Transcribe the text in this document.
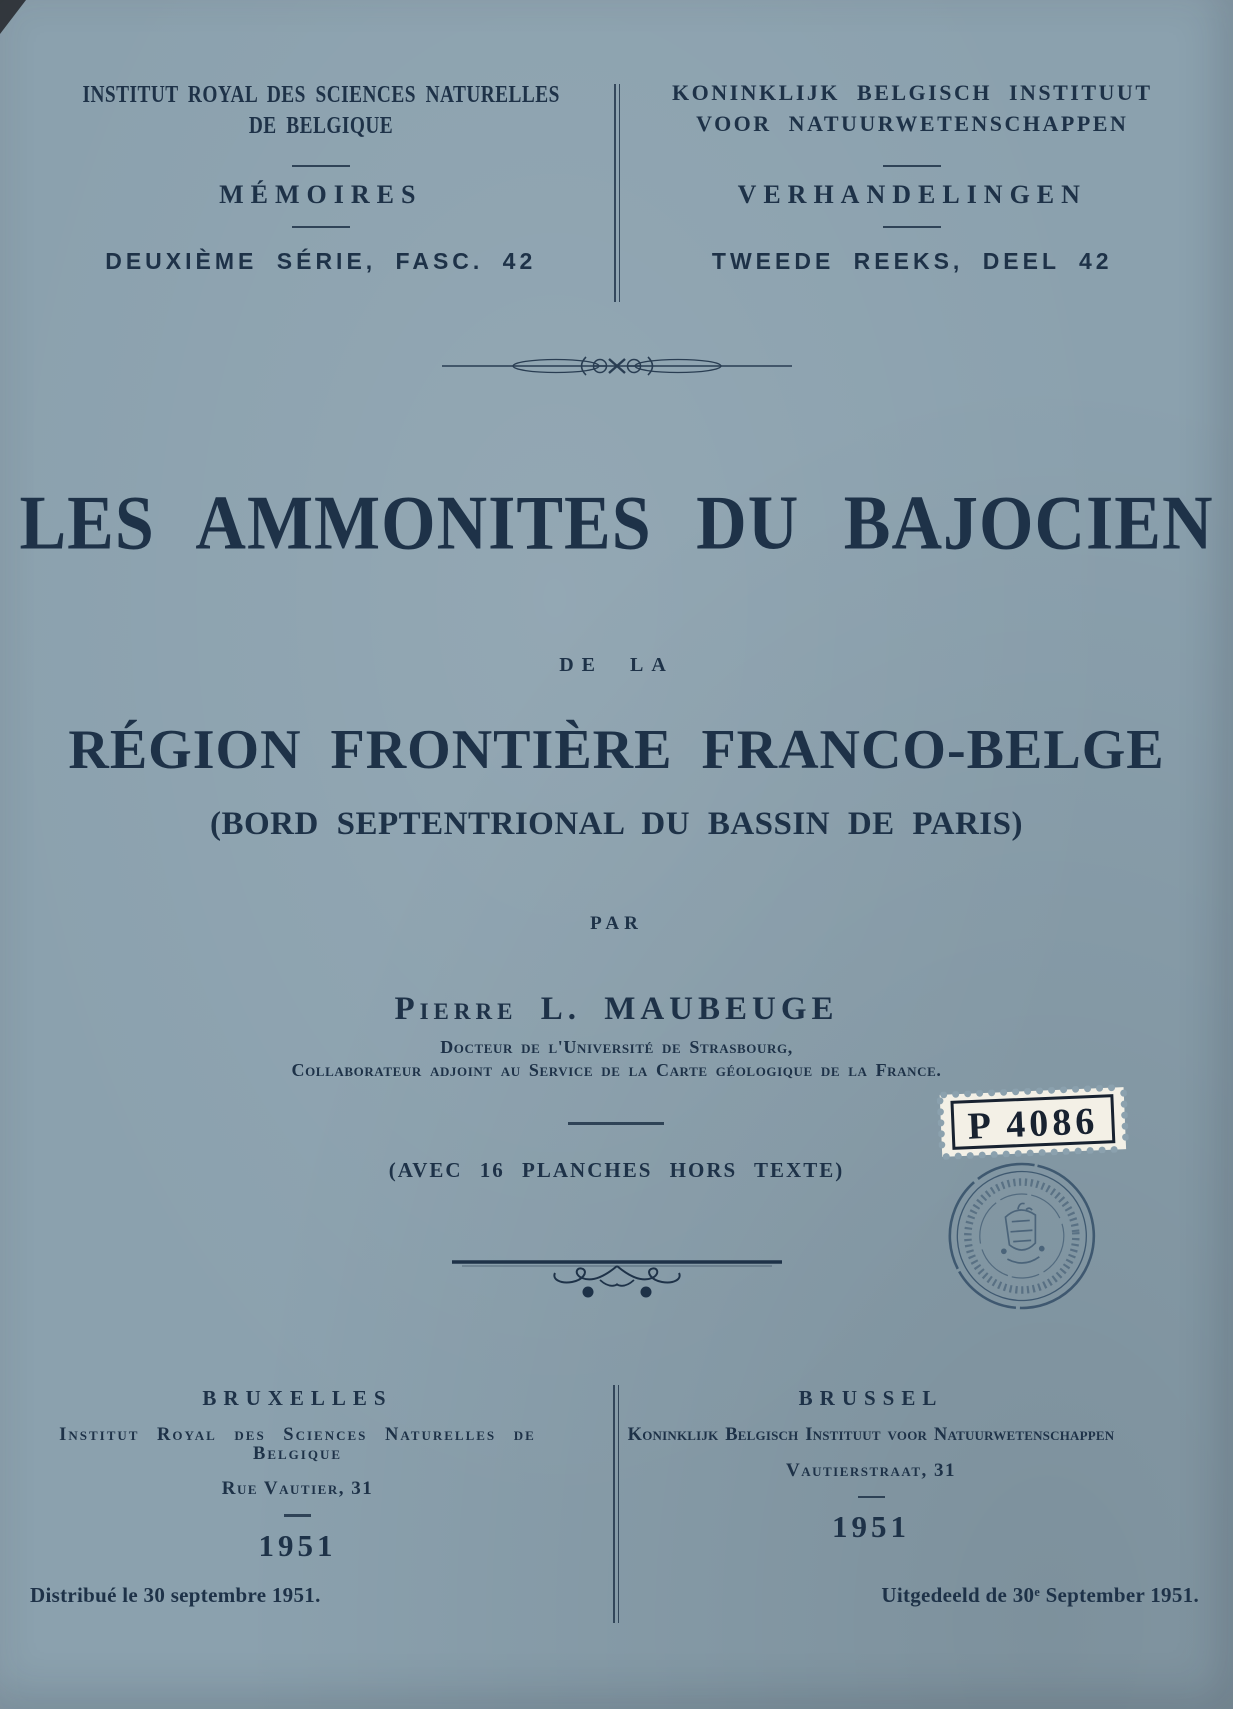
INSTITUT ROYAL DES SCIENCES NATURELLES
DE BELGIQUE
MÉMOIRES
DEUXIÈME SÉRIE, FASC. 42
KONINKLIJK BELGISCH INSTITUUT
VOOR NATUURWETENSCHAPPEN
VERHANDELINGEN
TWEEDE REEKS, DEEL 42
LES AMMONITES DU BAJOCIEN
DE LA
RÉGION FRONTIÈRE FRANCO-BELGE
(BORD SEPTENTRIONAL DU BASSIN DE PARIS)
PAR
Pierre L. MAUBEUGE
Docteur de l'Université de Strasbourg,
Collaborateur adjoint au Service de la Carte géologique de la France.
P 4086
(AVEC 16 PLANCHES HORS TEXTE)
BRUXELLES
Institut Royal des Sciences Naturelles de Belgique
Rue Vautier, 31
1951
BRUSSEL
Koninklijk Belgisch Instituut voor Natuurwetenschappen
Vautierstraat, 31
1951
Distribué le 30 septembre 1951.	Uitgedeeld de 30e September 1951.
